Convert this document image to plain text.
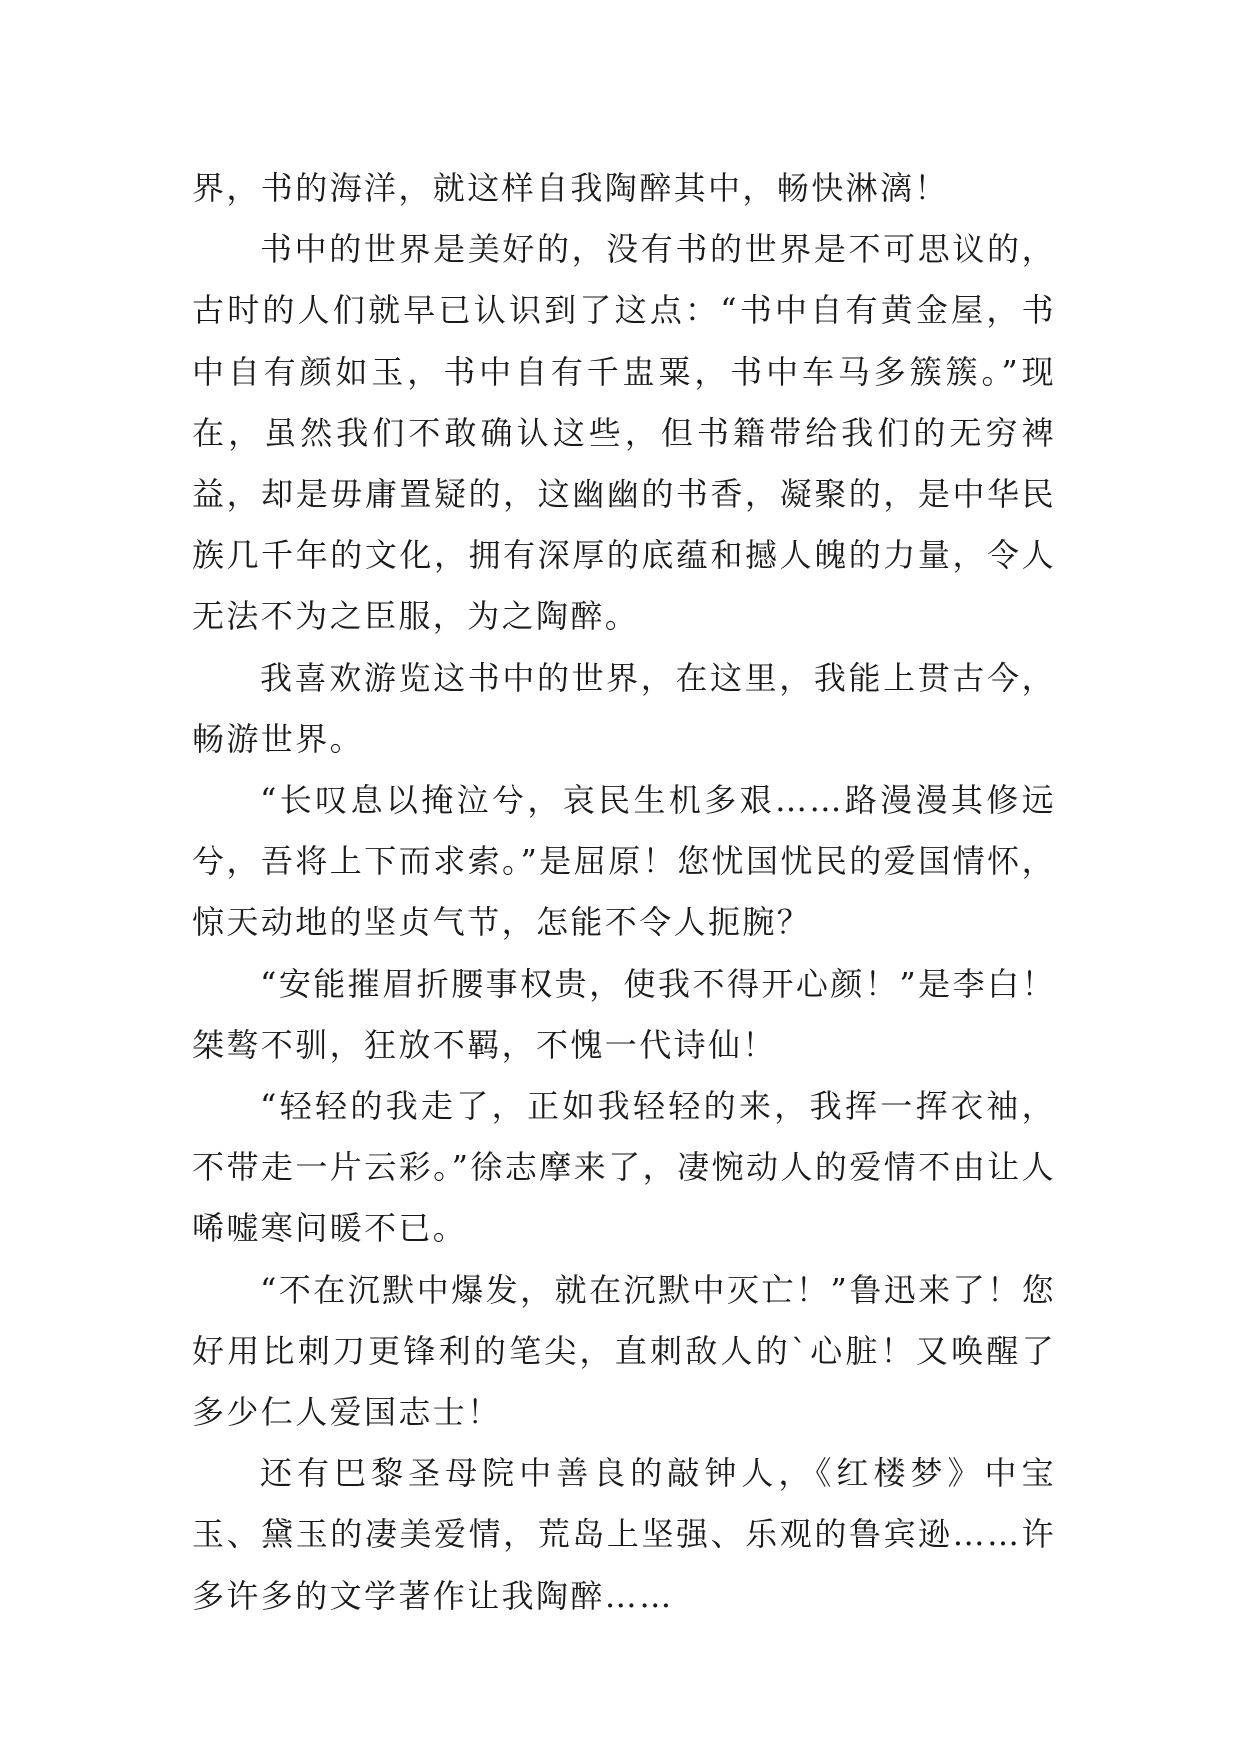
界，书的海洋，就这样自我陶醉其中，畅快淋漓！

书中的世界是美好的，没有书的世界是不可思议的，古时的人们就早已认识到了这点：“书中自有黄金屋，书中自有颜如玉，书中自有千盅粟，书中车马多簇簇。”现在，虽然我们不敢确认这些，但书籍带给我们的无穷裨益，却是毋庸置疑的，这幽幽的书香，凝聚的，是中华民族几千年的文化，拥有深厚的底蕴和撼人魄的力量，令人无法不为之臣服，为之陶醉。

我喜欢游览这书中的世界，在这里，我能上贯古今，畅游世界。

“长叹息以掩泣兮，哀民生机多艰……路漫漫其修远兮，吾将上下而求索。”是屈原！您忧国忧民的爱国情怀，惊天动地的坚贞气节，怎能不令人扼腕？

“安能摧眉折腰事权贵，使我不得开心颜！”是李白！桀骜不驯，狂放不羁，不愧一代诗仙！

“轻轻的我走了，正如我轻轻的来，我挥一挥衣袖，不带走一片云彩。”徐志摩来了，凄惋动人的爱情不由让人唏嘘寒问暖不已。

“不在沉默中爆发，就在沉默中灭亡！”鲁迅来了！您好用比刺刀更锋利的笔尖，直刺敌人的`心脏！又唤醒了多少仁人爱国志士！

还有巴黎圣母院中善良的敲钟人，《红楼梦》中宝玉、黛玉的凄美爱情，荒岛上坚强、乐观的鲁宾逊……许多许多的文学著作让我陶醉……
